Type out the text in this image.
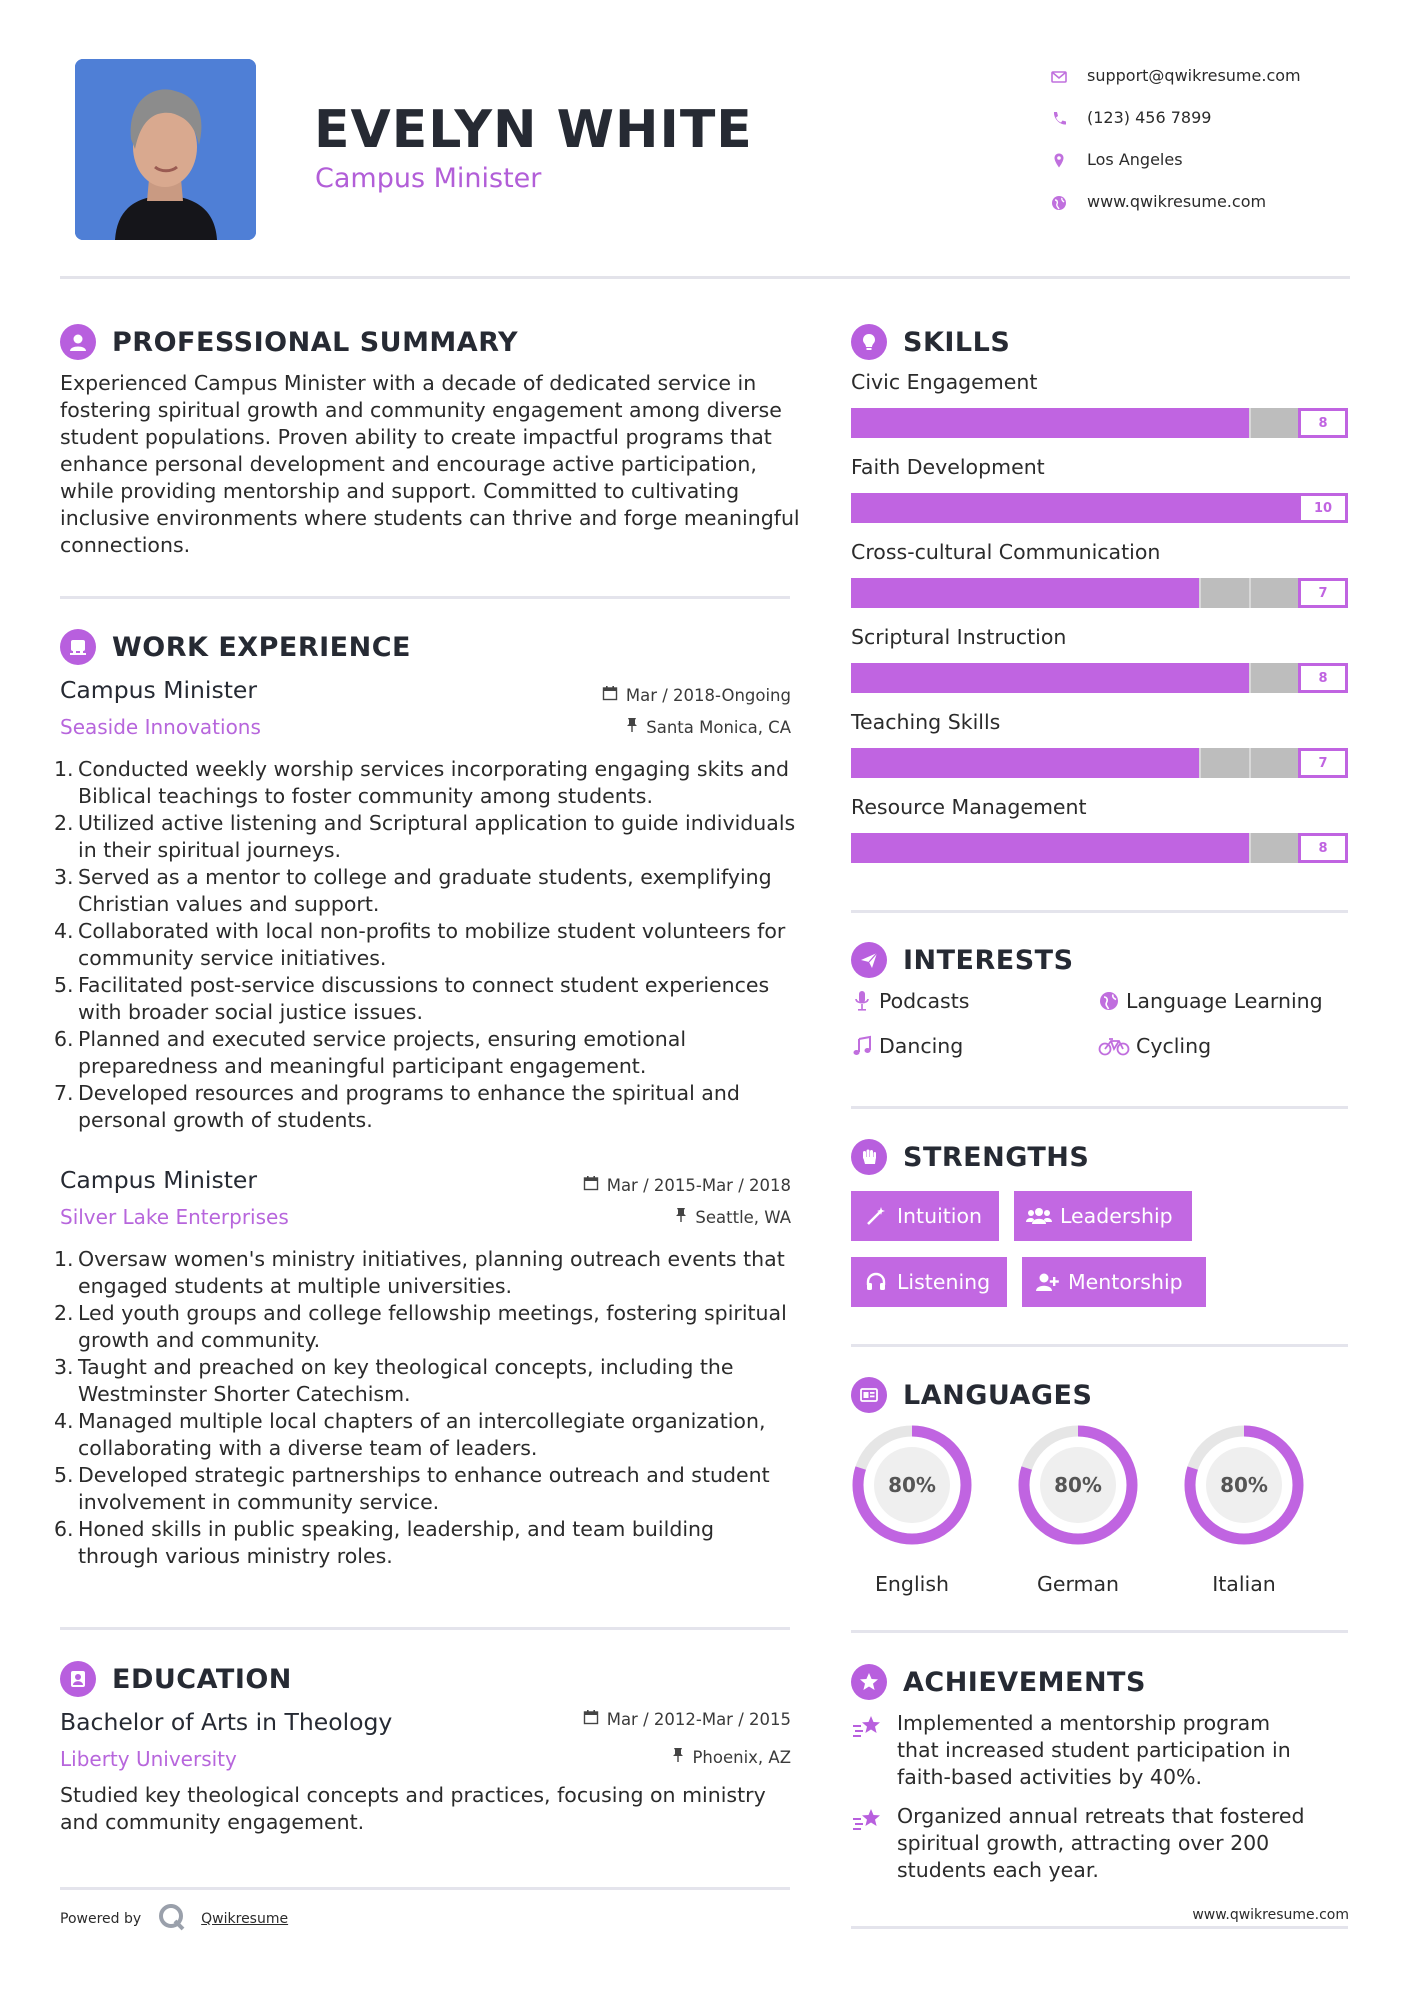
EVELYN WHITE
Campus Minister
support@qwikresume.com
(123) 456 7899
Los Angeles
www.qwikresume.com
PROFESSIONAL SUMMARY
Experienced Campus Minister with a decade of dedicated service in fostering spiritual growth and community engagement among diverse student populations. Proven ability to create impactful programs that enhance personal development and encourage active participation, while providing mentorship and support. Committed to cultivating inclusive environments where students can thrive and forge meaningful connections.
WORK EXPERIENCE
Campus Minister
Seaside Innovations
Mar / 2018-Ongoing
Santa Monica, CA
1. Conducted weekly worship services incorporating engaging skits and Biblical teachings to foster community among students.
2. Utilized active listening and Scriptural application to guide individuals in their spiritual journeys.
3. Served as a mentor to college and graduate students, exemplifying Christian values and support.
4. Collaborated with local non-profits to mobilize student volunteers for community service initiatives.
5. Facilitated post-service discussions to connect student experiences with broader social justice issues.
6. Planned and executed service projects, ensuring emotional preparedness and meaningful participant engagement.
7. Developed resources and programs to enhance the spiritual and personal growth of students.
Campus Minister
Silver Lake Enterprises
Mar / 2015-Mar / 2018
Seattle, WA
1. Oversaw women's ministry initiatives, planning outreach events that engaged students at multiple universities.
2. Led youth groups and college fellowship meetings, fostering spiritual growth and community.
3. Taught and preached on key theological concepts, including the Westminster Shorter Catechism.
4. Managed multiple local chapters of an intercollegiate organization, collaborating with a diverse team of leaders.
5. Developed strategic partnerships to enhance outreach and student involvement in community service.
6. Honed skills in public speaking, leadership, and team building through various ministry roles.
EDUCATION
Bachelor of Arts in Theology
Liberty University
Mar / 2012-Mar / 2015
Phoenix, AZ
Studied key theological concepts and practices, focusing on ministry and community engagement.
SKILLS
Civic Engagement
8
Faith Development
10
Cross-cultural Communication
7
Scriptural Instruction
8
Teaching Skills
7
Resource Management
8
INTERESTS
Podcasts	Language Learning
Dancing	Cycling
STRENGTHS
Intuition	Leadership
Listening	Mentorship
LANGUAGES
80%
English
80%
German
80%
Italian
ACHIEVEMENTS
Implemented a mentorship program that increased student participation in faith-based activities by 40%.
Organized annual retreats that fostered spiritual growth, attracting over 200 students each year.
Powered by	Qwikresume	www.qwikresume.com
